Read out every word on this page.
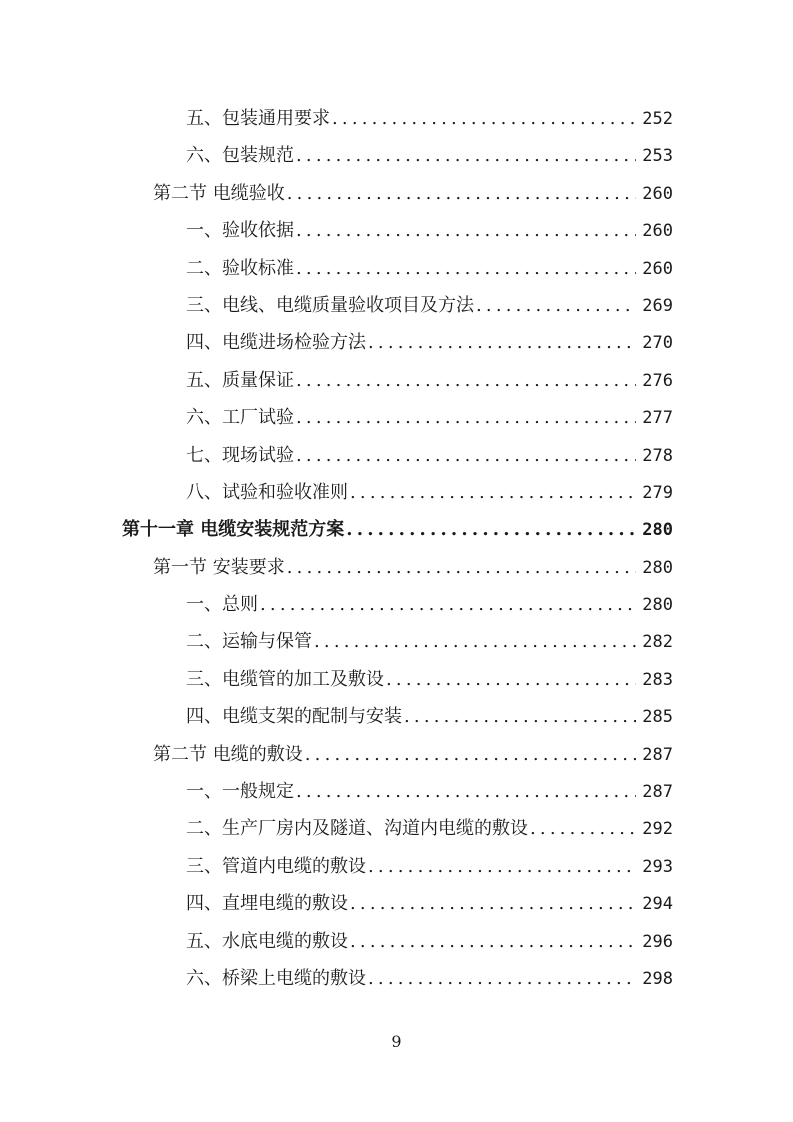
五、包装通用要求 .....	252
六、包装规范 .....	253
第二节 电缆验收 .....	260
一、验收依据 .....	260
二、验收标准 .....	260
三、电线、电缆质量验收项目及方法 .....	269
四、电缆进场检验方法 .....	270
五、质量保证 .....	276
六、工厂试验 .....	277
七、现场试验 .....	278
八、试验和验收准则 .....	279
第十一章 电缆安装规范方案 .....	280
第一节 安装要求 .....	280
一、总则 .....	280
二、运输与保管 .....	282
三、电缆管的加工及敷设 .....	283
四、电缆支架的配制与安装 .....	285
第二节 电缆的敷设 .....	287
一、一般规定 .....	287
二、生产厂房内及隧道、沟道内电缆的敷设 .....	292
三、管道内电缆的敷设 .....	293
四、直埋电缆的敷设 .....	294
五、水底电缆的敷设 .....	296
六、桥梁上电缆的敷设 .....	298
9
